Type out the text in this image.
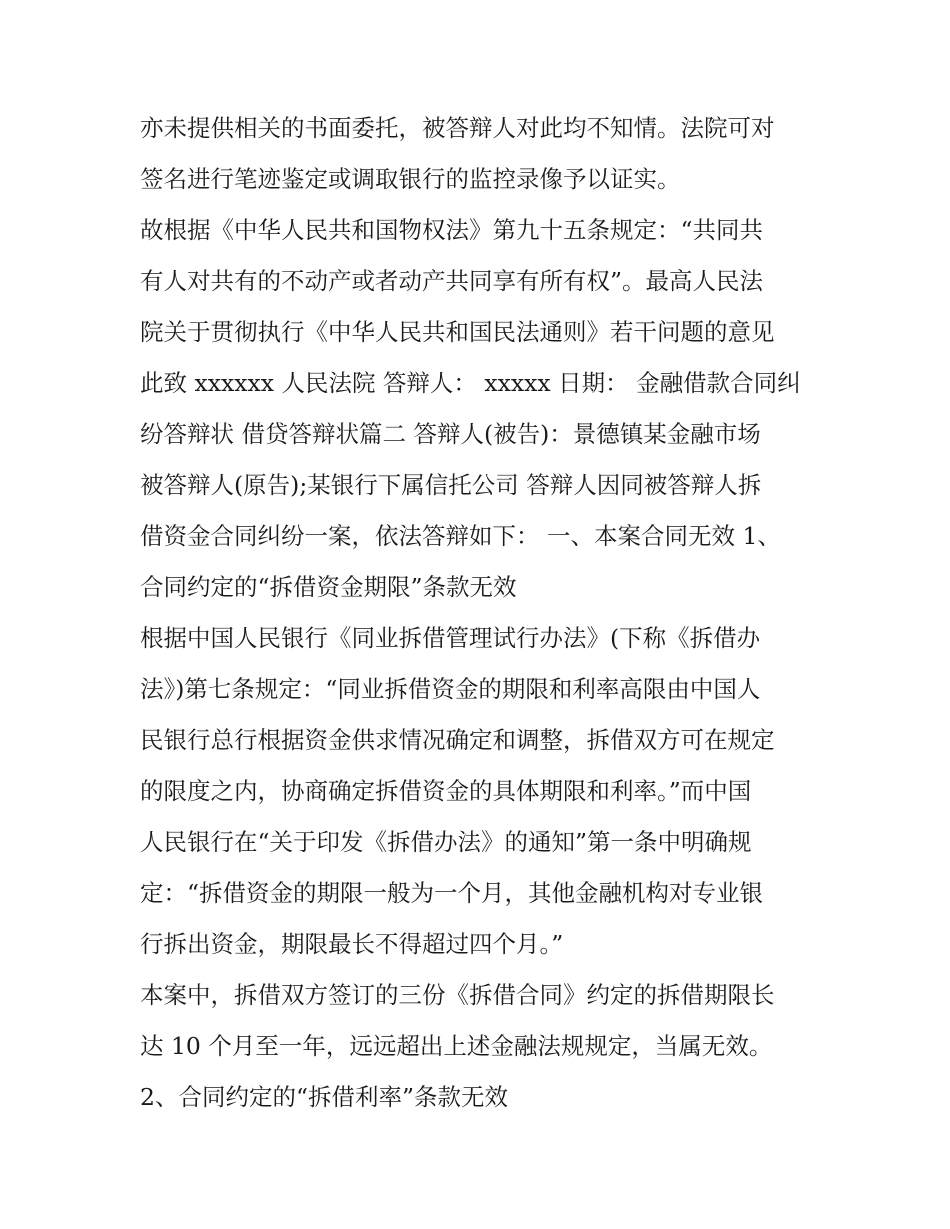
亦未提供相关的书面委托，被答辩人对此均不知情。法院可对
签名进行笔迹鉴定或调取银行的监控录像予以证实。
故根据《中华人民共和国物权法》第九十五条规定：“共同共
有人对共有的不动产或者动产共同享有所有权”。最高人民法
院关于贯彻执行《中华人民共和国民法通则》若干问题的意见
此致 xxxxxx 人民法院 答辩人： xxxxx 日期： 金融借款合同纠
纷答辩状 借贷答辩状篇二 答辩人(被告)：景德镇某金融市场
被答辩人(原告);某银行下属信托公司 答辩人因同被答辩人拆
借资金合同纠纷一案，依法答辩如下： 一、本案合同无效 1、
合同约定的“拆借资金期限”条款无效
根据中国人民银行《同业拆借管理试行办法》(下称《拆借办
法》)第七条规定：“同业拆借资金的期限和利率高限由中国人
民银行总行根据资金供求情况确定和调整，拆借双方可在规定
的限度之内，协商确定拆借资金的具体期限和利率。”而中国
人民银行在“关于印发《拆借办法》的通知”第一条中明确规
定：“拆借资金的期限一般为一个月，其他金融机构对专业银
行拆出资金，期限最长不得超过四个月。”
本案中，拆借双方签订的三份《拆借合同》约定的拆借期限长
达 10 个月至一年，远远超出上述金融法规规定，当属无效。
2、合同约定的“拆借利率”条款无效
